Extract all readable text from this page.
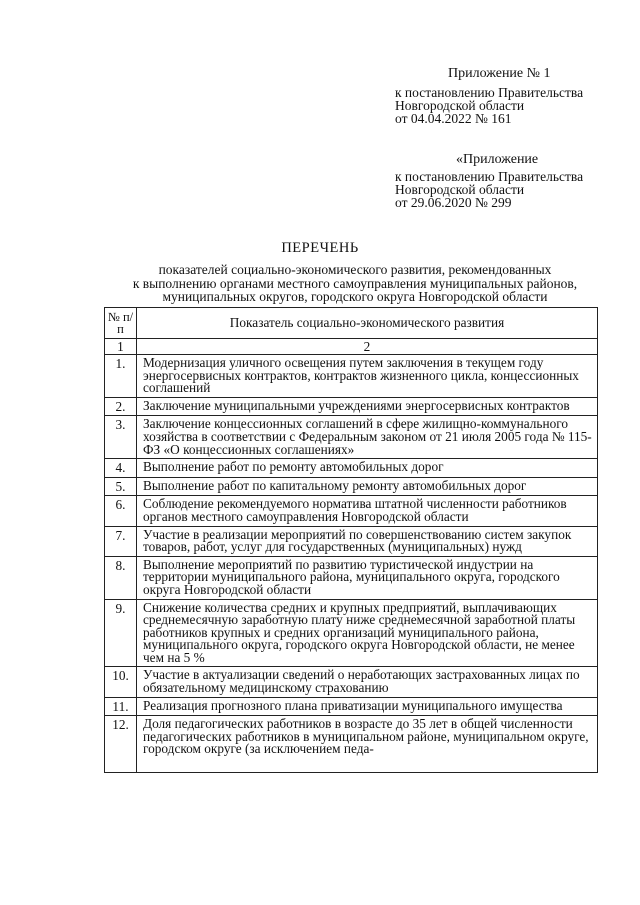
Приложение № 1
к постановлению Правительства
Новгородской области
от 04.04.2022 № 161
«Приложение
к постановлению Правительства
Новгородской области
от 29.06.2020 № 299
ПЕРЕЧЕНЬ
показателей социально-экономического развития, рекомендованных
к выполнению органами местного самоуправления муниципальных районов,
муниципальных округов, городского округа Новгородской области
№ п/п	Показатель социально-экономического развития
1	2
1.	Модернизация уличного освещения путем заключения в текущем году энергосервисных контрактов, контрактов жизненного цикла, концессионных соглашений
2.	Заключение муниципальными учреждениями энергосервисных контрактов
3.	Заключение концессионных соглашений в сфере жилищно-коммунального хозяйства в соответствии с Федеральным законом от 21 июля 2005 года № 115-ФЗ «О концессионных соглашениях»
4.	Выполнение работ по ремонту автомобильных дорог
5.	Выполнение работ по капитальному ремонту автомобильных дорог
6.	Соблюдение рекомендуемого норматива штатной численности работников органов местного самоуправления Новгородской области
7.	Участие в реализации мероприятий по совершенствованию систем закупок товаров, работ, услуг для государственных (муниципальных) нужд
8.	Выполнение мероприятий по развитию туристической индустрии на территории муниципального района, муниципального округа, городского округа Новгородской области
9.	Снижение количества средних и крупных предприятий, выплачивающих среднемесячную заработную плату ниже среднемесячной заработной платы работников крупных и средних организаций муниципального района, муниципального округа, городского округа Новгородской области, не менее чем на 5 %
10.	Участие в актуализации сведений о неработающих застрахованных лицах по обязательному медицинскому страхованию
11.	Реализация прогнозного плана приватизации муниципального имущества
12.	Доля педагогических работников в возрасте до 35 лет в общей численности педагогических работников в муниципальном районе, муниципальном округе, городском округе (за исключением педа-
